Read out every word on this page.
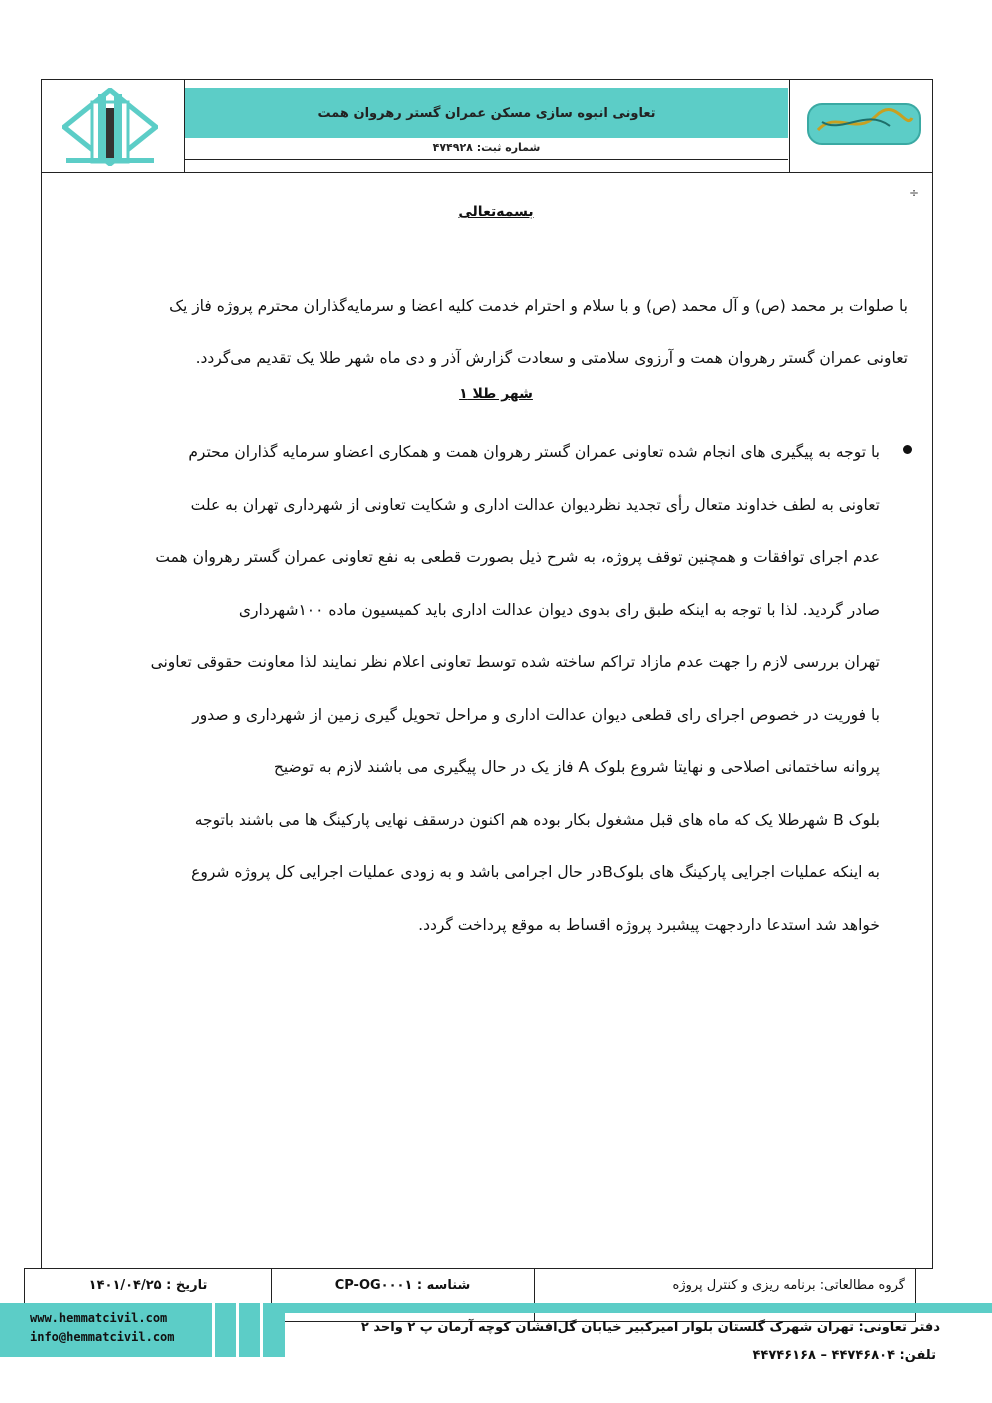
تعاونی انبوه سازی مسکن عمران گستر رهروان همت
شماره ثبت: ۴۷۴۹۲۸
÷
بسمه‌تعالی
با صلوات بر محمد (ص) و آل محمد (ص) و با سلام و احترام خدمت کلیه اعضا و سرمایه‌گذاران محترم پروژه فاز یک
تعاونی عمران گستر رهروان همت و آرزوی سلامتی و سعادت گزارش آذر و دی ماه شهر طلا یک تقدیم می‌گردد.
شهر طلا ۱
با توجه به پیگیری های انجام شده تعاونی عمران گستر رهروان همت و همکاری اعضاو سرمایه گذاران محترم
تعاونی به لطف خداوند متعال رأی تجدید نظردیوان عدالت اداری و شکایت تعاونی از شهرداری تهران به علت
عدم اجرای توافقات و همچنین توقف پروژه، به شرح ذیل بصورت قطعی به نفع تعاونی عمران گستر رهروان همت
صادر گردید. لذا با توجه به اینکه طبق رای بدوی دیوان عدالت اداری باید کمیسیون ماده ۱۰۰شهرداری
تهران بررسی لازم را جهت عدم مازاد تراکم ساخته شده توسط تعاونی اعلام نظر نمایند لذا معاونت حقوقی تعاونی
با فوریت در خصوص اجرای رای قطعی دیوان عدالت اداری و مراحل تحویل گیری زمین از شهرداری و صدور
پروانه ساختمانی اصلاحی و نهایتا شروع بلوک A فاز یک در حال پیگیری می باشند لازم به توضیح
بلوک B شهرطلا یک که ماه های قبل مشغول بکار بوده هم اکنون درسقف نهایی پارکینگ ها می باشند باتوجه
به اینکه عملیات اجرایی پارکینگ های بلوکBدر حال اجرامی باشد و به زودی عملیات اجرایی کل پروژه شروع
خواهد شد استدعا داردجهت پیشبرد پروژه اقساط به موقع پرداخت گردد.
گروه مطالعاتی: برنامه ریزی و کنترل پروژه
شناسه : CP-OG۰۰۰۱
تاریخ : ۱۴۰۱/۰۴/۲۵
www.hemmatcivil.com
info@hemmatcivil.com
دفتر تعاونی: تهران شهرک گلستان بلوار امیرکبیر خیابان گل‌افشان کوچه آرمان پ ۲ واحد ۲
تلفن: ۴۴۷۴۶۸۰۴ – ۴۴۷۴۶۱۶۸
